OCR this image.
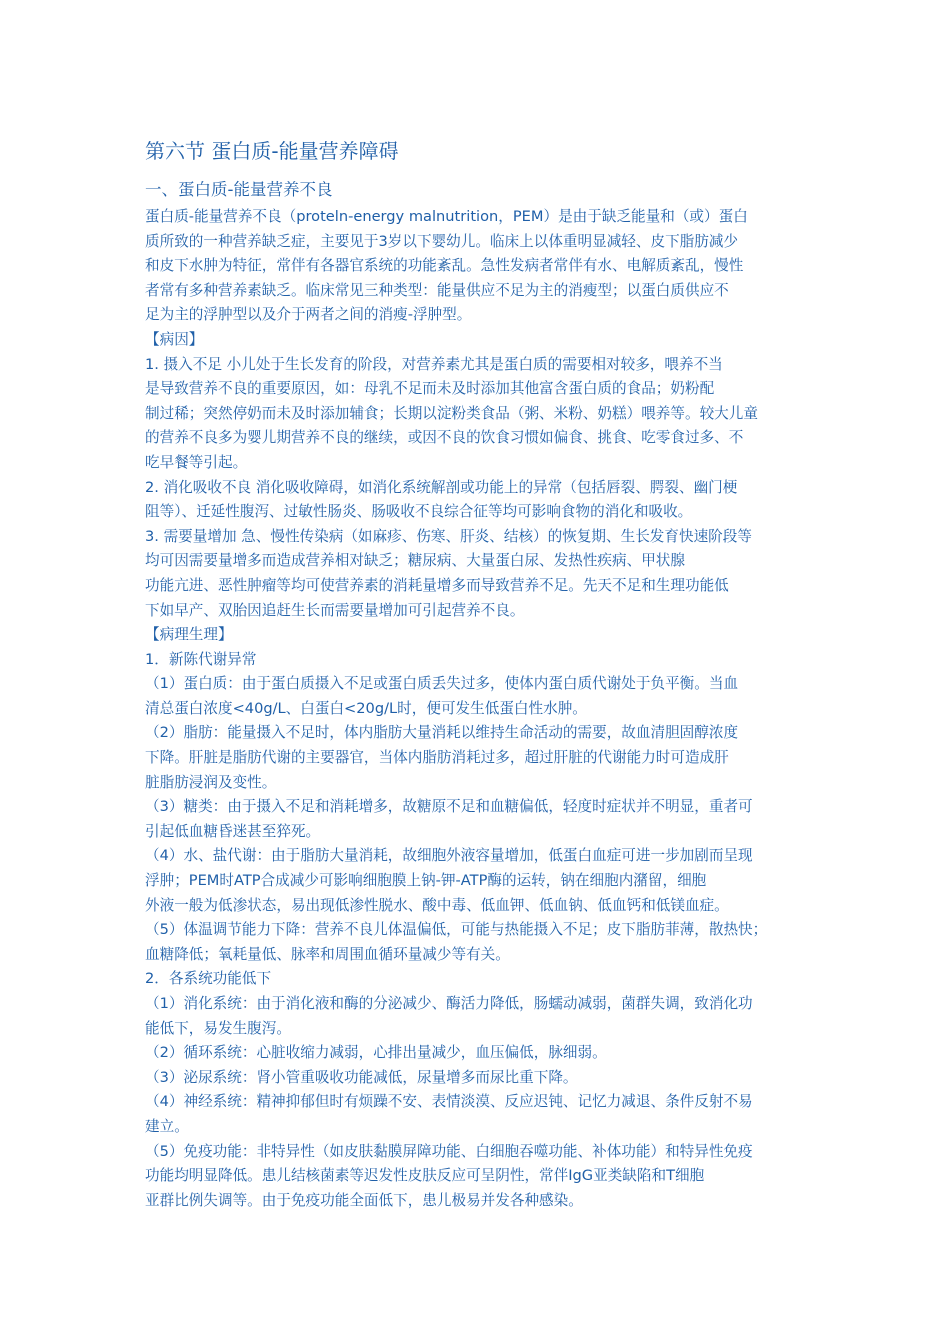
第六节 蛋白质-能量营养障碍
一、蛋白质-能量营养不良
蛋白质-能量营养不良（proteln-energy malnutrition，PEM）是由于缺乏能量和（或）蛋白
质所致的一种营养缺乏症，主要见于3岁以下婴幼儿。临床上以体重明显减轻、皮下脂肪减少
和皮下水肿为特征，常伴有各器官系统的功能紊乱。急性发病者常伴有水、电解质紊乱，慢性
者常有多种营养素缺乏。临床常见三种类型：能量供应不足为主的消瘦型；以蛋白质供应不
足为主的浮肿型以及介于两者之间的消瘦-浮肿型。
【病因】
1. 摄入不足 小儿处于生长发育的阶段，对营养素尤其是蛋白质的需要相对较多，喂养不当
是导致营养不良的重要原因，如：母乳不足而未及时添加其他富含蛋白质的食品；奶粉配
制过稀；突然停奶而未及时添加辅食；长期以淀粉类食品（粥、米粉、奶糕）喂养等。较大儿童
的营养不良多为婴儿期营养不良的继续，或因不良的饮食习惯如偏食、挑食、吃零食过多、不
吃早餐等引起。
2. 消化吸收不良 消化吸收障碍，如消化系统解剖或功能上的异常（包括唇裂、腭裂、幽门梗
阻等）、迁延性腹泻、过敏性肠炎、肠吸收不良综合征等均可影响食物的消化和吸收。
3. 需要量增加 急、慢性传染病（如麻疹、伤寒、肝炎、结核）的恢复期、生长发育快速阶段等
均可因需要量增多而造成营养相对缺乏；糖尿病、大量蛋白尿、发热性疾病、甲状腺
功能亢进、恶性肿瘤等均可使营养素的消耗量增多而导致营养不足。先天不足和生理功能低
下如早产、双胎因追赶生长而需要量增加可引起营养不良。
【病理生理】
1．新陈代谢异常
（1）蛋白质：由于蛋白质摄入不足或蛋白质丢失过多，使体内蛋白质代谢处于负平衡。当血
清总蛋白浓度<40g/L、白蛋白<20g/L时，便可发生低蛋白性水肿。
（2）脂肪：能量摄入不足时，体内脂肪大量消耗以维持生命活动的需要，故血清胆固醇浓度
下降。肝脏是脂肪代谢的主要器官，当体内脂肪消耗过多，超过肝脏的代谢能力时可造成肝
脏脂肪浸润及变性。
（3）糖类：由于摄入不足和消耗增多，故糖原不足和血糖偏低，轻度时症状并不明显，重者可
引起低血糖昏迷甚至猝死。
（4）水、盐代谢：由于脂肪大量消耗，故细胞外液容量增加，低蛋白血症可进一步加剧而呈现
浮肿；PEM时ATP合成减少可影响细胞膜上钠-钾-ATP酶的运转，钠在细胞内潴留，细胞
外液一般为低渗状态，易出现低渗性脱水、酸中毒、低血钾、低血钠、低血钙和低镁血症。
（5）体温调节能力下降：营养不良儿体温偏低，可能与热能摄入不足；皮下脂肪菲薄，散热快；
血糖降低；氧耗量低、脉率和周围血循环量减少等有关。
2．各系统功能低下
（1）消化系统：由于消化液和酶的分泌减少、酶活力降低，肠蠕动减弱，菌群失调，致消化功
能低下，易发生腹泻。
（2）循环系统：心脏收缩力减弱，心排出量减少，血压偏低，脉细弱。
（3）泌尿系统：肾小管重吸收功能减低，尿量增多而尿比重下降。
（4）神经系统：精神抑郁但时有烦躁不安、表情淡漠、反应迟钝、记忆力减退、条件反射不易
建立。
（5）免疫功能：非特异性（如皮肤黏膜屏障功能、白细胞吞噬功能、补体功能）和特异性免疫
功能均明显降低。患儿结核菌素等迟发性皮肤反应可呈阴性，常伴IgG亚类缺陷和T细胞
亚群比例失调等。由于免疫功能全面低下，患儿极易并发各种感染。
